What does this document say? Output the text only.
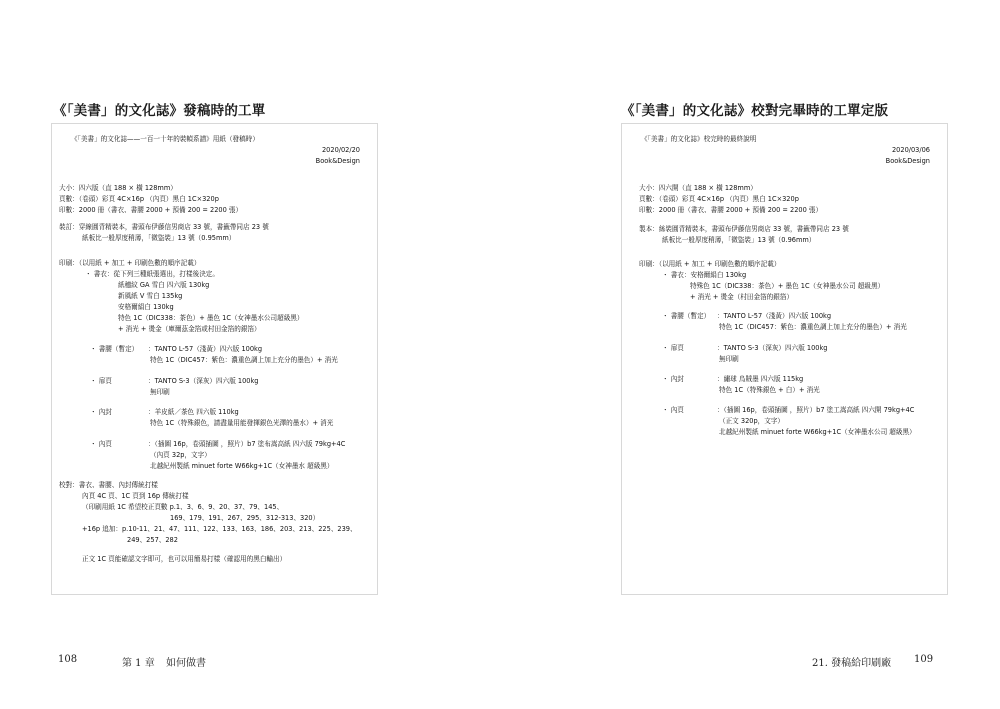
《「美書」的文化誌》發稿時的工單
《「美書」的文化誌——一百一十年的裝幀系譜》用紙（發稿時）
2020/02/20
Book&Design
大小：四六版（直 188 × 橫 128mm）
頁數：（卷頭）彩頁 4C×16p （內頁）黑白 1C×320p
印數：2000 冊（書衣、書腰 2000 + 預備 200 = 2200 張）
裝訂：穿線圓背精裝本，書頭布伊藤信男商店 33 號，書籤帶同店 23 號
紙板比一般厚度稍薄，「微盜裝」13 號（0.95mm）
印刷：（以用紙 + 加工 + 印刷色數的順序記載）
・ 書衣：從下列三種紙張選出，打樣後決定。
紙穗紋 GA 雪白 四六版 130kg
新風紙 V 雪白 135kg
安格爾絹白 130kg
特色 1C（DIC338：茶色）+ 墨色 1C（女神墨水公司超級黑）
+ 消光 + 燙金（庫爾茲金箔或村田金箔的銀箔）
・ 書腰（暫定） ：TANTO L-57（淺黃）四六版 100kg
特色 1C（DIC457：紫色：濃重色調上加上充分的墨色）+ 消光
・ 扉頁	：TANTO S-3（深灰）四六版 100kg
無印刷
・ 內封	：羊皮紙／茶色 四六版 110kg
特色 1C（特殊銀色，請盡量用能發揮銀色光澤的墨水）+ 消光
・ 內頁	：（插圖 16p，卷頭插圖 ，照片）b7 塗布嵩高紙 四六版 79kg+4C
（內頁 32p，文字）
北越紀州製紙 minuet forte W66kg+1C（女神墨水 超級黑）
校對：書衣、書腰、內封傳統打樣
內頁 4C 頁、1C 頁到 16p 傳統打樣
（印刷用紙 1C 希望校正頁數 p.1、3、6、9、20、37、79、145、
169、179、191、267、295、312-313、320）
+16p 追加：p.10-11、21、47、111、122、133、163、186、203、213、225、239、
249、257、282
正文 1C 頁能確認文字即可，也可以用簡易打樣（確認用的黑白輸出）
108	第 1 章 如何做書
《「美書」的文化誌》校對完畢時的工單定版
《「美書」的文化誌》校完時的最終說明
2020/03/06
Book&Design
大小：四六開（直 188 × 橫 128mm）
頁數：（卷頭）彩頁 4C×16p （內頁）黑白 1C×320p
印數：2000 冊（書衣、書腰 2000 + 預備 200 = 2200 張）
製本：絲裝圓背精裝本，書頭布伊藤信男商店 33 號，書籤帶同店 23 號
紙板比一般厚度稍薄，「微盜裝」13 號（0.96mm）
印刷：（以用紙 + 加工 + 印刷色數的順序記載）
・ 書衣：安格爾絹白 130kg
特殊色 1C（DIC338：茶色）+ 墨色 1C（女神墨水公司 超級黑）
+ 消光 + 燙金（村田金箔的銀箔）
・ 書腰（暫定） ：TANTO L-57（淺黃）四六版 100kg
特色 1C（DIC457：紫色：濃重色調上加上充分的墨色）+ 消光
・ 扉頁	：TANTO S-3（深灰）四六版 100kg
無印刷
・ 內封	：繡球 烏賊墨 四六版 115kg
特色 1C（特殊銀色 + 白）+ 消光
・ 內頁	：（插圖 16p，卷頭插圖 ，照片）b7 塗工嵩高紙 四六開 79kg+4C
（正文 320p，文字）
北越紀州製紙 minuet forte W66kg+1C（女神墨水公司 超級黑）
21. 發稿給印刷廠 109
